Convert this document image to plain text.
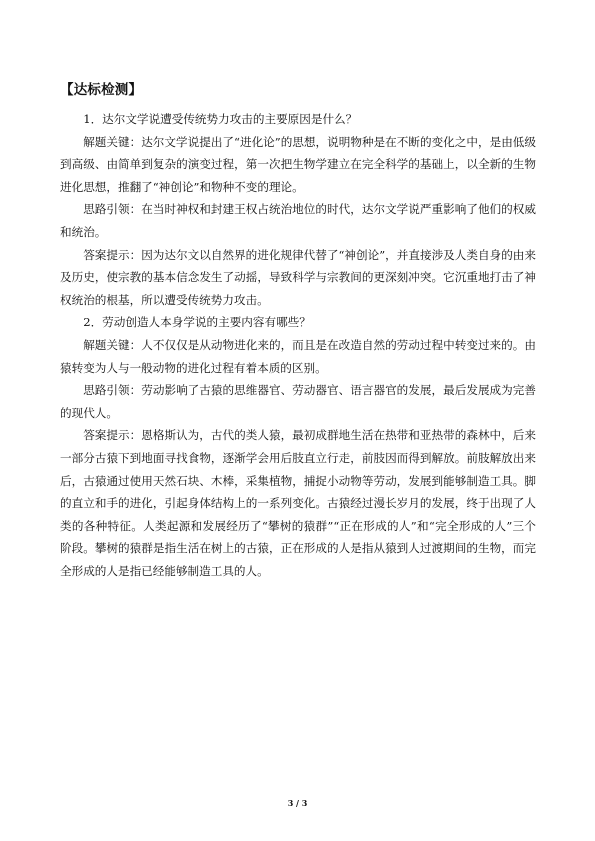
【达标检测】

1．达尔文学说遭受传统势力攻击的主要原因是什么？

解题关键：达尔文学说提出了“进化论”的思想，说明物种是在不断的变化之中，是由低级到高级、由简单到复杂的演变过程，第一次把生物学建立在完全科学的基础上，以全新的生物进化思想，推翻了“神创论”和物种不变的理论。

思路引领：在当时神权和封建王权占统治地位的时代，达尔文学说严重影响了他们的权威和统治。

答案提示：因为达尔文以自然界的进化规律代替了“神创论”，并直接涉及人类自身的由来及历史，使宗教的基本信念发生了动摇，导致科学与宗教间的更深刻冲突。它沉重地打击了神权统治的根基，所以遭受传统势力攻击。

2．劳动创造人本身学说的主要内容有哪些？

解题关键：人不仅仅是从动物进化来的，而且是在改造自然的劳动过程中转变过来的。由猿转变为人与一般动物的进化过程有着本质的区别。

思路引领：劳动影响了古猿的思维器官、劳动器官、语言器官的发展，最后发展成为完善的现代人。

答案提示：恩格斯认为，古代的类人猿，最初成群地生活在热带和亚热带的森林中，后来一部分古猿下到地面寻找食物，逐渐学会用后肢直立行走，前肢因而得到解放。前肢解放出来后，古猿通过使用天然石块、木棒，采集植物，捕捉小动物等劳动，发展到能够制造工具。脚的直立和手的进化，引起身体结构上的一系列变化。古猿经过漫长岁月的发展，终于出现了人类的各种特征。人类起源和发展经历了“攀树的猿群”“正在形成的人”和“完全形成的人”三个阶段。攀树的猿群是指生活在树上的古猿，正在形成的人是指从猿到人过渡期间的生物，而完全形成的人是指已经能够制造工具的人。

3 / 3
